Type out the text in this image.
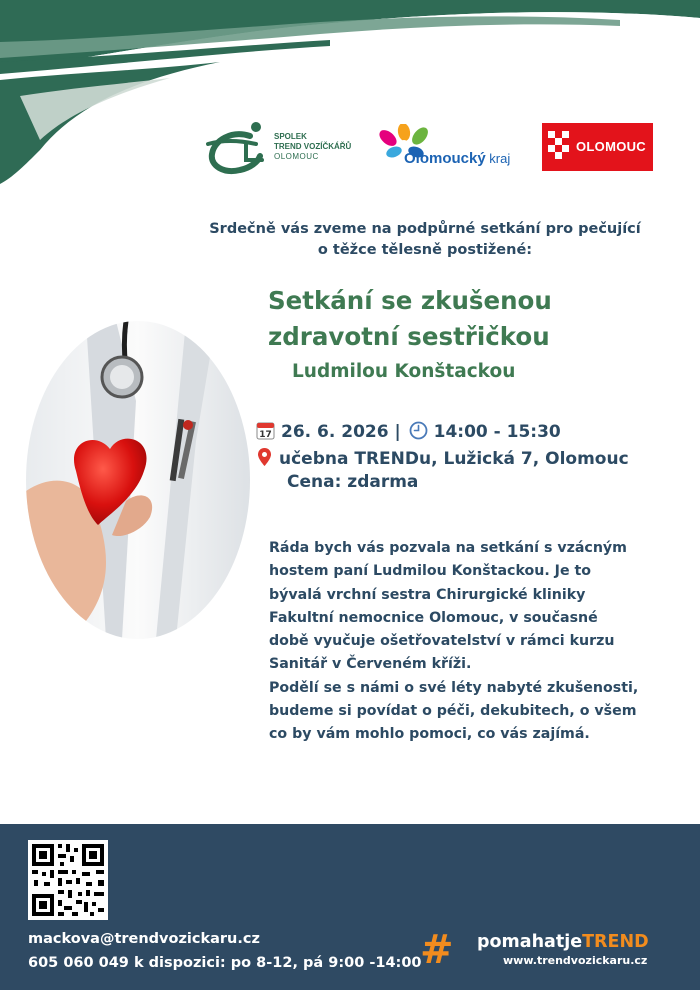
SPOLEK
TREND VOZÍČKÁŘŮ
OLOMOUC	Olomoucký kraj
OLOMOUC
Srdečně vás zveme na podpůrné setkání pro pečující
o těžce tělesně postižené:
Setkání se zkušenou
zdravotní sestřičkou
Ludmilou Konštackou
17 26. 6. 2026 | 14:00 - 15:30
učebna TRENDu, Lužická 7, Olomouc
Cena: zdarma
Ráda bych vás pozvala na setkání s vzácným
hostem paní Ludmilou Konštackou. Je to
bývalá vrchní sestra Chirurgické kliniky
Fakultní nemocnice Olomouc, v současné
době vyučuje ošetřovatelství v rámci kurzu
Sanitář v Červeném kříži.
Podělí se s námi o své léty nabyté zkušenosti,
budeme si povídat o péči, dekubitech, o všem
co by vám mohlo pomoci, co vás zajímá.
mackova@trendvozickaru.cz
605 060 049 k dispozici: po 8-12, pá 9:00 -14:00
# pomahatjeTREND
www.trendvozickaru.cz
